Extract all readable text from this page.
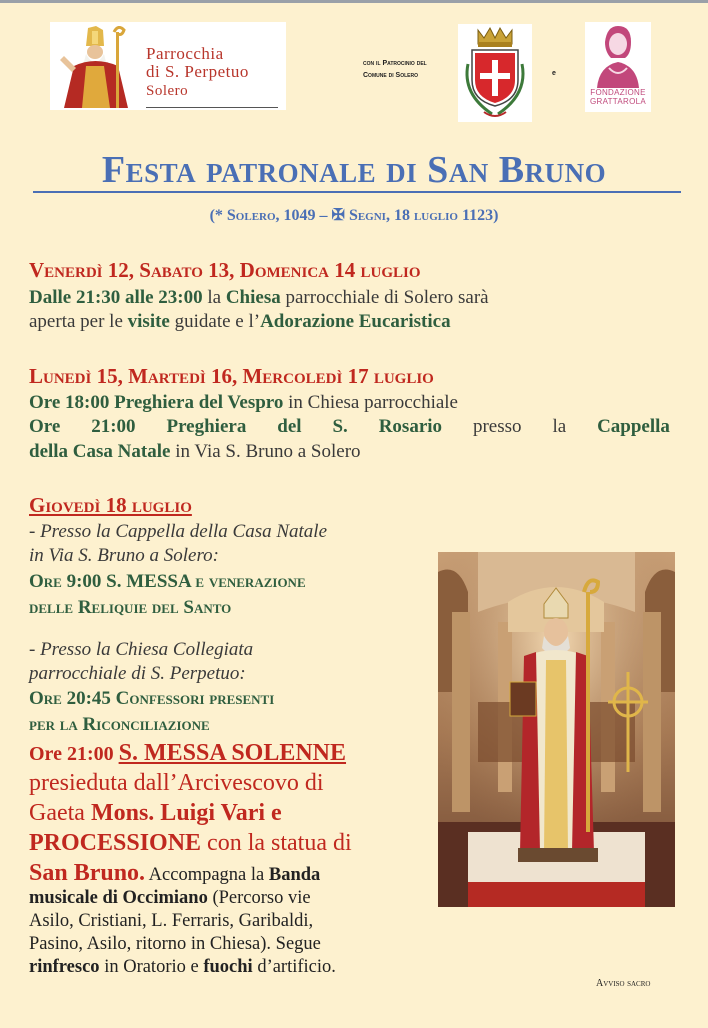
Parrocchia
di S. Perpetuo
Solero
con il Patrocinio del
Comune di Solero	e
FONDAZIONE
GRATTAROLA
Festa patronale di San Bruno
(* Solero, 1049 – ✠ Segni, 18 luglio 1123)
Venerdì 12, Sabato 13, Domenica 14 luglio
Dalle 21:30 alle 23:00 la Chiesa parrocchiale di Solero sarà
aperta per le visite guidate e l’Adorazione Eucaristica
Lunedì 15, Martedì 16, Mercoledì 17 luglio
Ore 18:00 Preghiera del Vespro in Chiesa parrocchiale
Ore 21:00 Preghiera del S. Rosario presso la Cappella
della Casa Natale in Via S. Bruno a Solero
Giovedì 18 luglio
- Presso la Cappella della Casa Natale
in Via S. Bruno a Solero:
Ore 9:00 S. MESSA e venerazione
delle Reliquie del Santo
- Presso la Chiesa Collegiata
parrocchiale di S. Perpetuo:
Ore 20:45 Confessori presenti
per la Riconciliazione
Ore 21:00 S. MESSA SOLENNE
presieduta dall’Arcivescovo di
Gaeta Mons. Luigi Vari e
PROCESSIONE con la statua di
San Bruno. Accompagna la Banda
musicale di Occimiano (Percorso vie
Asilo, Cristiani, L. Ferraris, Garibaldi,
Pasino, Asilo, ritorno in Chiesa). Segue
rinfresco in Oratorio e fuochi d’artificio.
Avviso sacro
